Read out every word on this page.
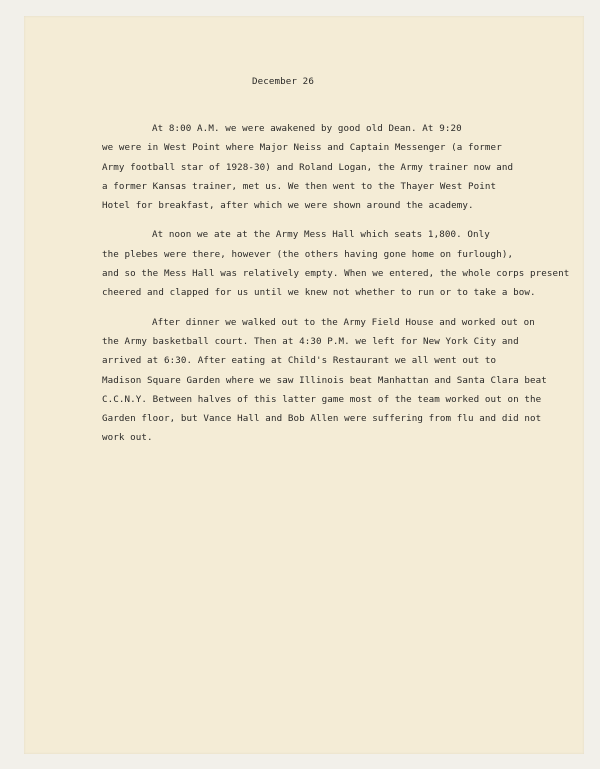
December 26
At 8:00 A.M. we were awakened by good old Dean. At 9:20
we were in West Point where Major Neiss and Captain Messenger (a former
Army football star of 1928-30) and Roland Logan, the Army trainer now and
a former Kansas trainer, met us. We then went to the Thayer West Point
Hotel for breakfast, after which we were shown around the academy.
At noon we ate at the Army Mess Hall which seats 1,800. Only
the plebes were there, however (the others having gone home on furlough),
and so the Mess Hall was relatively empty. When we entered, the whole corps present
cheered and clapped for us until we knew not whether to run or to take a bow.
After dinner we walked out to the Army Field House and worked out on
the Army basketball court. Then at 4:30 P.M. we left for New York City and
arrived at 6:30. After eating at Child's Restaurant we all went out to
Madison Square Garden where we saw Illinois beat Manhattan and Santa Clara beat
C.C.N.Y. Between halves of this latter game most of the team worked out on the
Garden floor, but Vance Hall and Bob Allen were suffering from flu and did not
work out.
